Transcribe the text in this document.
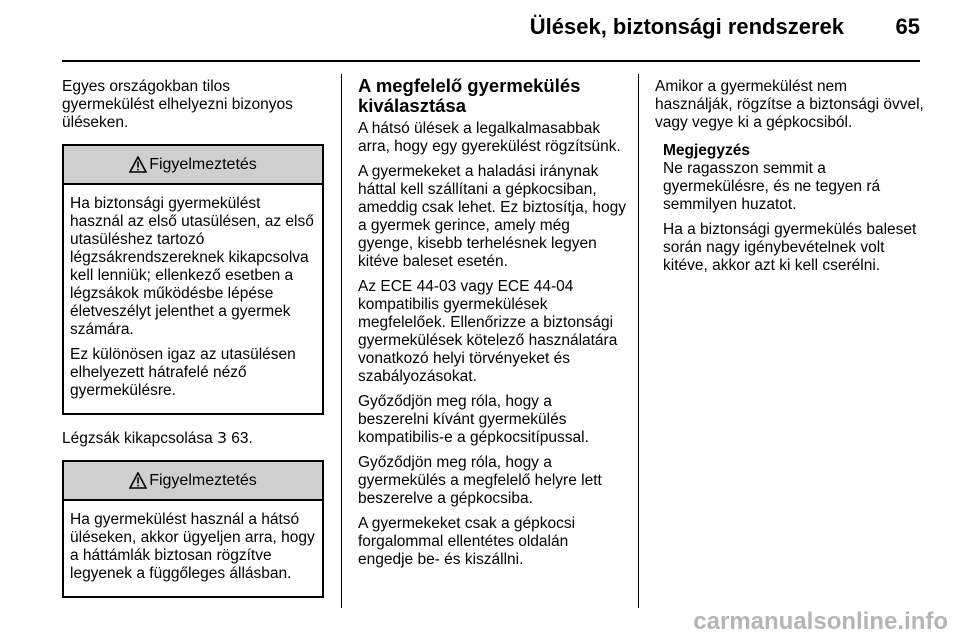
Ülések, biztonsági rendszerek 65

Egyes országokban tilos gyermekülést elhelyezni bizonyos üléseken.

Figyelmeztetés

Ha biztonsági gyermekülést használ az első utasülésen, az első utasüléshez tartozó légzsákrendszereknek kikapcsolva kell lenniük; ellenkező esetben a légzsákok működésbe lépése életveszélyt jelenthet a gyermek számára.

Ez különösen igaz az utasülésen elhelyezett hátrafelé néző gyermekülésre.

Légzsák kikapcsolása 3 63.

Figyelmeztetés

Ha gyermekülést használ a hátsó üléseken, akkor ügyeljen arra, hogy a háttámlák biztosan rögzítve legyenek a függőleges állásban.

A megfelelő gyermekülés kiválasztása

A hátsó ülések a legalkalmasabbak arra, hogy egy gyerekülést rögzítsünk.

A gyermekeket a haladási iránynak háttal kell szállítani a gépkocsiban, ameddig csak lehet. Ez biztosítja, hogy a gyermek gerince, amely még gyenge, kisebb terhelésnek legyen kitéve baleset esetén.

Az ECE 44-03 vagy ECE 44-04 kompatibilis gyermekülések megfelelőek. Ellenőrizze a biztonsági gyermekülések kötelező használatára vonatkozó helyi törvényeket és szabályozásokat.

Győződjön meg róla, hogy a beszerelni kívánt gyermekülés kompatibilis-e a gépkocsitípussal.

Győződjön meg róla, hogy a gyermekülés a megfelelő helyre lett beszerelve a gépkocsiba.

A gyermekeket csak a gépkocsi forgalommal ellentétes oldalán engedje be- és kiszállni.

Amikor a gyermekülést nem használják, rögzítse a biztonsági övvel, vagy vegye ki a gépkocsiból.

Megjegyzés

Ne ragasszon semmit a gyermekülésre, és ne tegyen rá semmilyen huzatot.

Ha a biztonsági gyermekülés baleset során nagy igénybevételnek volt kitéve, akkor azt ki kell cserélni.

carmanualsonline.info
